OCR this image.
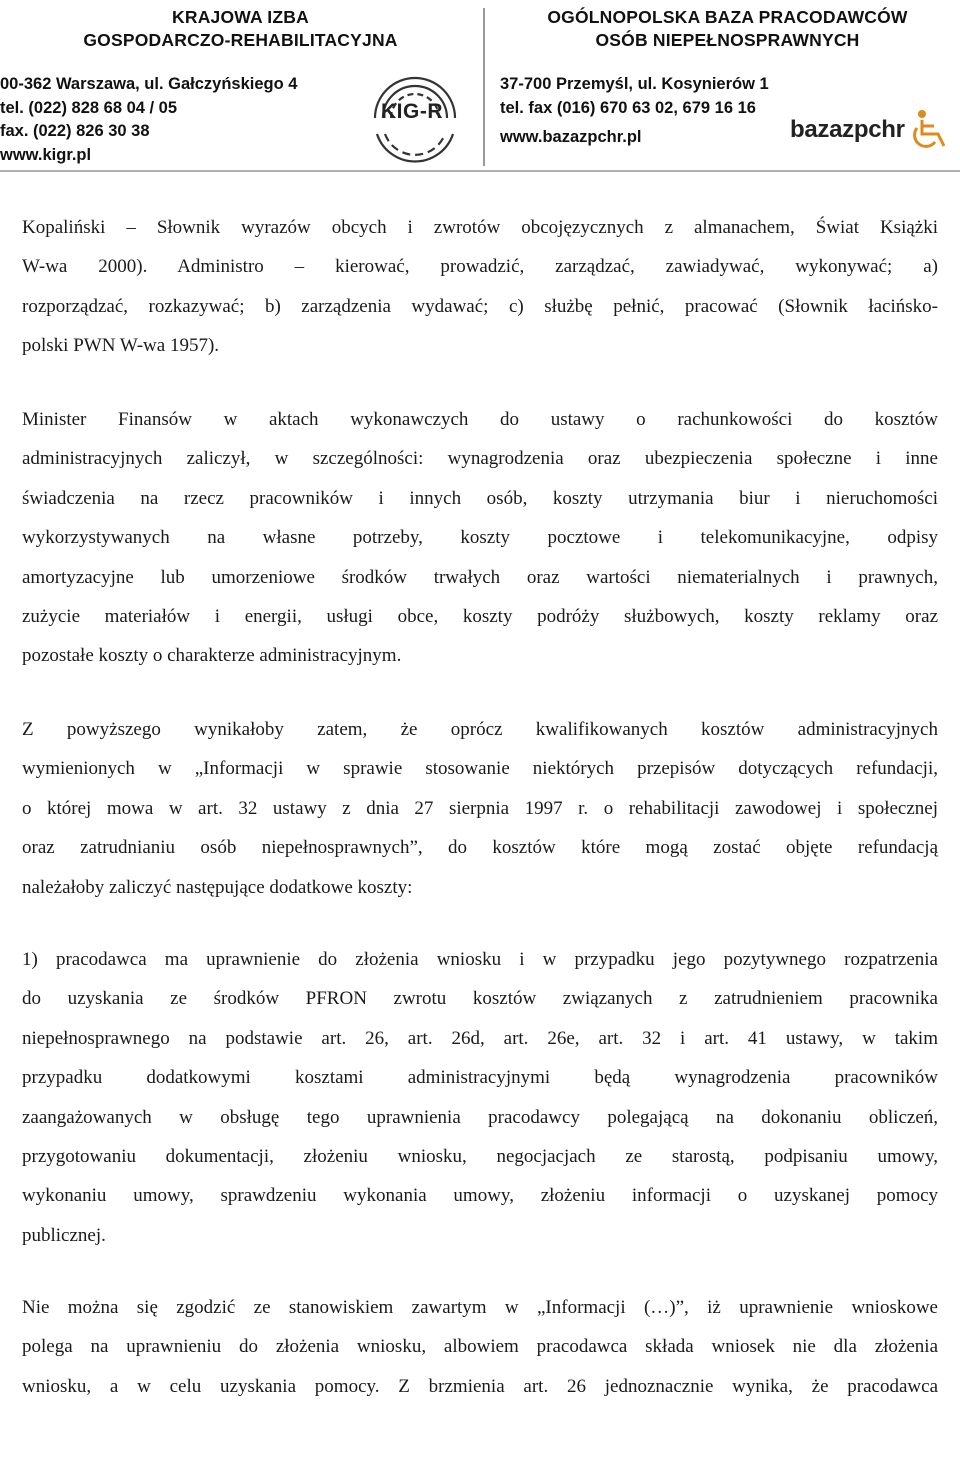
KRAJOWA IZBA
GOSPODARCZO-REHABILITACYJNA
00-362 Warszawa, ul. Gałczyńskiego 4
tel. (022) 828 68 04 / 05
fax. (022) 826 30 38
www.kigr.pl
KIG-R
OGÓLNOPOLSKA BAZA PRACODAWCÓW
OSÓB NIEPEŁNOSPRAWNYCH
37-700 Przemyśl, ul. Kosynierów 1
tel. fax (016) 670 63 02, 679 16 16
www.bazazpchr.pl	bazazpchr
Kopaliński – Słownik wyrazów obcych i zwrotów obcojęzycznych z almanachem, Świat Książki
W-wa 2000). Administro – kierować, prowadzić, zarządzać, zawiadywać, wykonywać; a)
rozporządzać, rozkazywać; b) zarządzenia wydawać; c) służbę pełnić, pracować (Słownik łacińsko-
polski PWN W-wa 1957).
Minister Finansów w aktach wykonawczych do ustawy o rachunkowości do kosztów
administracyjnych zaliczył, w szczególności: wynagrodzenia oraz ubezpieczenia społeczne i inne
świadczenia na rzecz pracowników i innych osób, koszty utrzymania biur i nieruchomości
wykorzystywanych na własne potrzeby, koszty pocztowe i telekomunikacyjne, odpisy
amortyzacyjne lub umorzeniowe środków trwałych oraz wartości niematerialnych i prawnych,
zużycie materiałów i energii, usługi obce, koszty podróży służbowych, koszty reklamy oraz
pozostałe koszty o charakterze administracyjnym.
Z powyższego wynikałoby zatem, że oprócz kwalifikowanych kosztów administracyjnych
wymienionych w „Informacji w sprawie stosowanie niektórych przepisów dotyczących refundacji,
o której mowa w art. 32 ustawy z dnia 27 sierpnia 1997 r. o rehabilitacji zawodowej i społecznej
oraz zatrudnianiu osób niepełnosprawnych”, do kosztów które mogą zostać objęte refundacją
należałoby zaliczyć następujące dodatkowe koszty:
1) pracodawca ma uprawnienie do złożenia wniosku i w przypadku jego pozytywnego rozpatrzenia
do uzyskania ze środków PFRON zwrotu kosztów związanych z zatrudnieniem pracownika
niepełnosprawnego na podstawie art. 26, art. 26d, art. 26e, art. 32 i art. 41 ustawy, w takim
przypadku dodatkowymi kosztami administracyjnymi będą wynagrodzenia pracowników
zaangażowanych w obsługę tego uprawnienia pracodawcy polegającą na dokonaniu obliczeń,
przygotowaniu dokumentacji, złożeniu wniosku, negocjacjach ze starostą, podpisaniu umowy,
wykonaniu umowy, sprawdzeniu wykonania umowy, złożeniu informacji o uzyskanej pomocy
publicznej.
Nie można się zgodzić ze stanowiskiem zawartym w „Informacji (…)”, iż uprawnienie wnioskowe
polega na uprawnieniu do złożenia wniosku, albowiem pracodawca składa wniosek nie dla złożenia
wniosku, a w celu uzyskania pomocy. Z brzmienia art. 26 jednoznacznie wynika, że pracodawca
